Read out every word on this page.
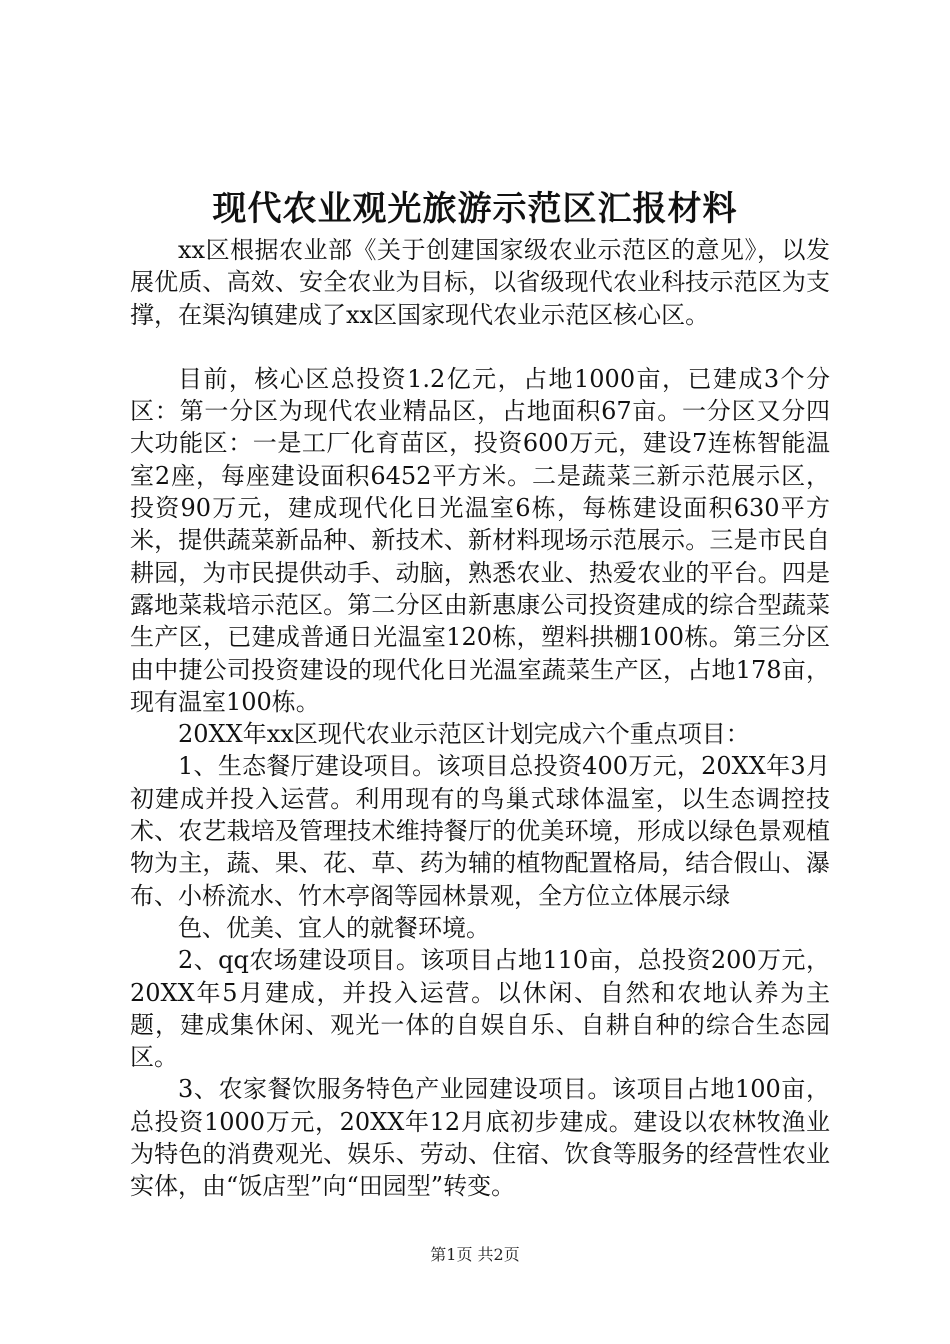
现代农业观光旅游示范区汇报材料

xx区根据农业部《关于创建国家级农业示范区的意见》，以发展优质、高效、安全农业为目标，以省级现代农业科技示范区为支撑，在渠沟镇建成了xx区国家现代农业示范区核心区。

目前，核心区总投资1.2亿元，占地1000亩，已建成3个分区：第一分区为现代农业精品区，占地面积67亩。一分区又分四大功能区：一是工厂化育苗区，投资600万元，建设7连栋智能温室2座，每座建设面积6452平方米。二是蔬菜三新示范展示区，投资90万元，建成现代化日光温室6栋，每栋建设面积630平方米，提供蔬菜新品种、新技术、新材料现场示范展示。三是市民自耕园，为市民提供动手、动脑，熟悉农业、热爱农业的平台。四是露地菜栽培示范区。第二分区由新惠康公司投资建成的综合型蔬菜生产区，已建成普通日光温室120栋，塑料拱棚100栋。第三分区由中捷公司投资建设的现代化日光温室蔬菜生产区，占地178亩，现有温室100栋。

20XX年xx区现代农业示范区计划完成六个重点项目：

1、生态餐厅建设项目。该项目总投资400万元，20XX年3月初建成并投入运营。利用现有的鸟巢式球体温室，以生态调控技术、农艺栽培及管理技术维持餐厅的优美环境，形成以绿色景观植物为主，蔬、果、花、草、药为辅的植物配置格局，结合假山、瀑布、小桥流水、竹木亭阁等园林景观，全方位立体展示绿

色、优美、宜人的就餐环境。

2、qq农场建设项目。该项目占地110亩，总投资200万元，20XX年5月建成，并投入运营。以休闲、自然和农地认养为主题，建成集休闲、观光一体的自娱自乐、自耕自种的综合生态园区。

3、农家餐饮服务特色产业园建设项目。该项目占地100亩，总投资1000万元，20XX年12月底初步建成。建设以农林牧渔业为特色的消费观光、娱乐、劳动、住宿、饮食等服务的经营性农业实体，由“饭店型”向“田园型”转变。

第1页 共2页
